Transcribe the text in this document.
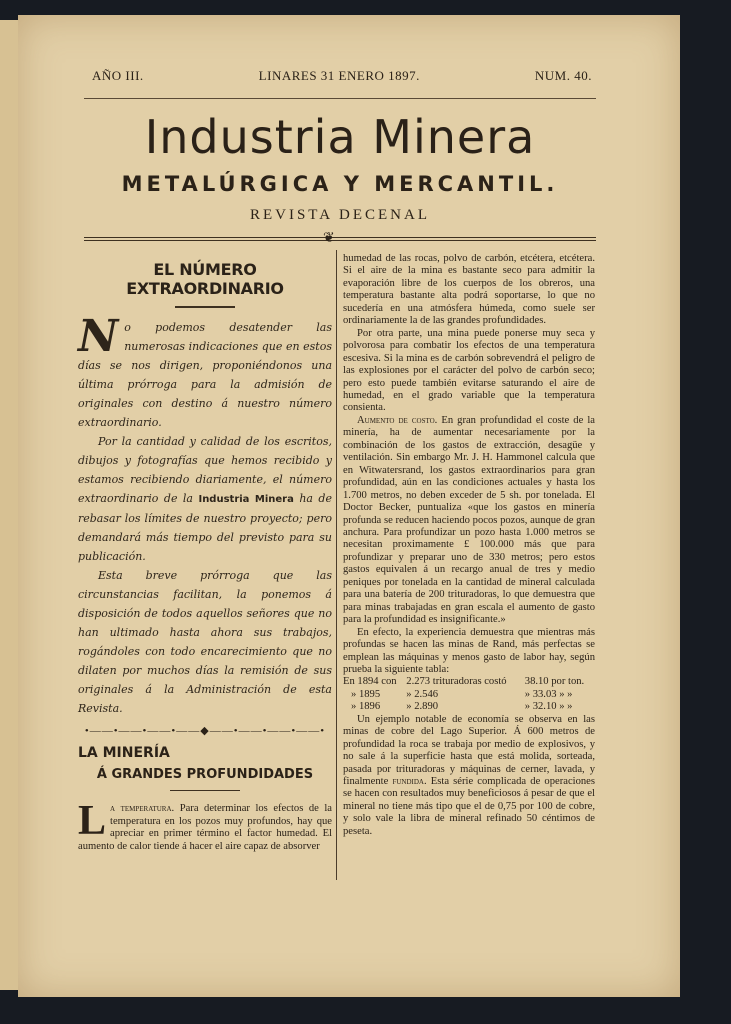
AÑO III.	LINARES 31 ENERO 1897.	NUM. 40.
Industria Minera
METALÚRGICA Y MERCANTIL.
REVISTA DECENAL
❦
EL NÚMERO EXTRAORDINARIO
N o podemos desatender las numerosas indicaciones que en estos días se nos dirigen, proponiéndonos una última prórroga para la admisión de originales con destino á nuestro número extraordinario.

Por la cantidad y calidad de los escritos, dibujos y fotografías que hemos recibido y estamos recibiendo diariamente, el número extraordinario de la Industria Minera ha de rebasar los límites de nuestro proyecto; pero demandará más tiempo del previsto para su publicación.

Esta breve prórroga que las circunstancias facilitan, la ponemos á disposición de todos aquellos señores que no han ultimado hasta ahora sus trabajos, rogándoles con todo encarecimiento que no dilaten por muchos días la remisión de sus originales á la Administración de esta Revista.

•——•——•——•——◆——•——•——•——•
LA MINERÍA
Á GRANDES PROFUNDIDADES
L a temperatura. Para determinar los efectos de la temperatura en los pozos muy profundos, hay que apreciar en primer término el factor humedad. El aumento de calor tiende á hacer el aire capaz de absorver

humedad de las rocas, polvo de carbón, etcétera, etcétera. Si el aire de la mina es bastante seco para admitir la evaporación libre de los cuerpos de los obreros, una temperatura bastante alta podrá soportarse, lo que no sucedería en una atmósfera húmeda, como suele ser ordinariamente la de las grandes profundidades.

Por otra parte, una mina puede ponerse muy seca y polvorosa para combatir los efectos de una temperatura escesiva. Si la mina es de carbón sobrevendrá el peligro de las explosiones por el carácter del polvo de carbón seco; pero esto puede también evitarse saturando el aire de humedad, en el grado variable que la temperatura consienta.

Aumento de costo. En gran profundidad el coste de la minería, ha de aumentar necesariamente por la combinación de los gastos de extracción, desagüe y ventilación. Sin embargo Mr. J. H. Hammonel calcula que en Witwatersrand, los gastos extraordinarios para gran profundidad, aún en las condiciones actuales y hasta los 1.700 metros, no deben exceder de 5 sh. por tonelada. El Doctor Becker, puntualiza «que los gastos en minería profunda se reducen haciendo pocos pozos, aunque de gran anchura. Para profundizar un pozo hasta 1.000 metros se necesitan proximamente £ 100.000 más que para profundizar y preparar uno de 330 metros; pero estos gastos equivalen á un recargo anual de tres y medio peniques por tonelada en la cantidad de mineral calculada para una batería de 200 trituradoras, lo que demuestra que para minas trabajadas en gran escala el aumento de gasto para la profundidad es insignificante.»

En efecto, la experiencia demuestra que mientras más profundas se hacen las minas de Rand, más perfectas se emplean las máquinas y menos gasto de labor hay, según prueba la siguiente tabla:

En 1894 con	2.273 trituradoras costó	38.10 por ton.
» 1895	» 2.546	» 33.03 » »
» 1896	» 2.890	» 32.10 » »

Un ejemplo notable de economía se observa en las minas de cobre del Lago Superior. Á 600 metros de profundidad la roca se trabaja por medio de explosivos, y no sale á la superficie hasta que está molida, sorteada, pasada por trituradoras y máquinas de cerner, lavada, y finalmente fundida. Esta série complicada de operaciones se hacen con resultados muy beneficiosos á pesar de que el mineral no tiene más tipo que el de 0,75 por 100 de cobre, y solo vale la libra de mineral refinado 50 céntimos de peseta.
